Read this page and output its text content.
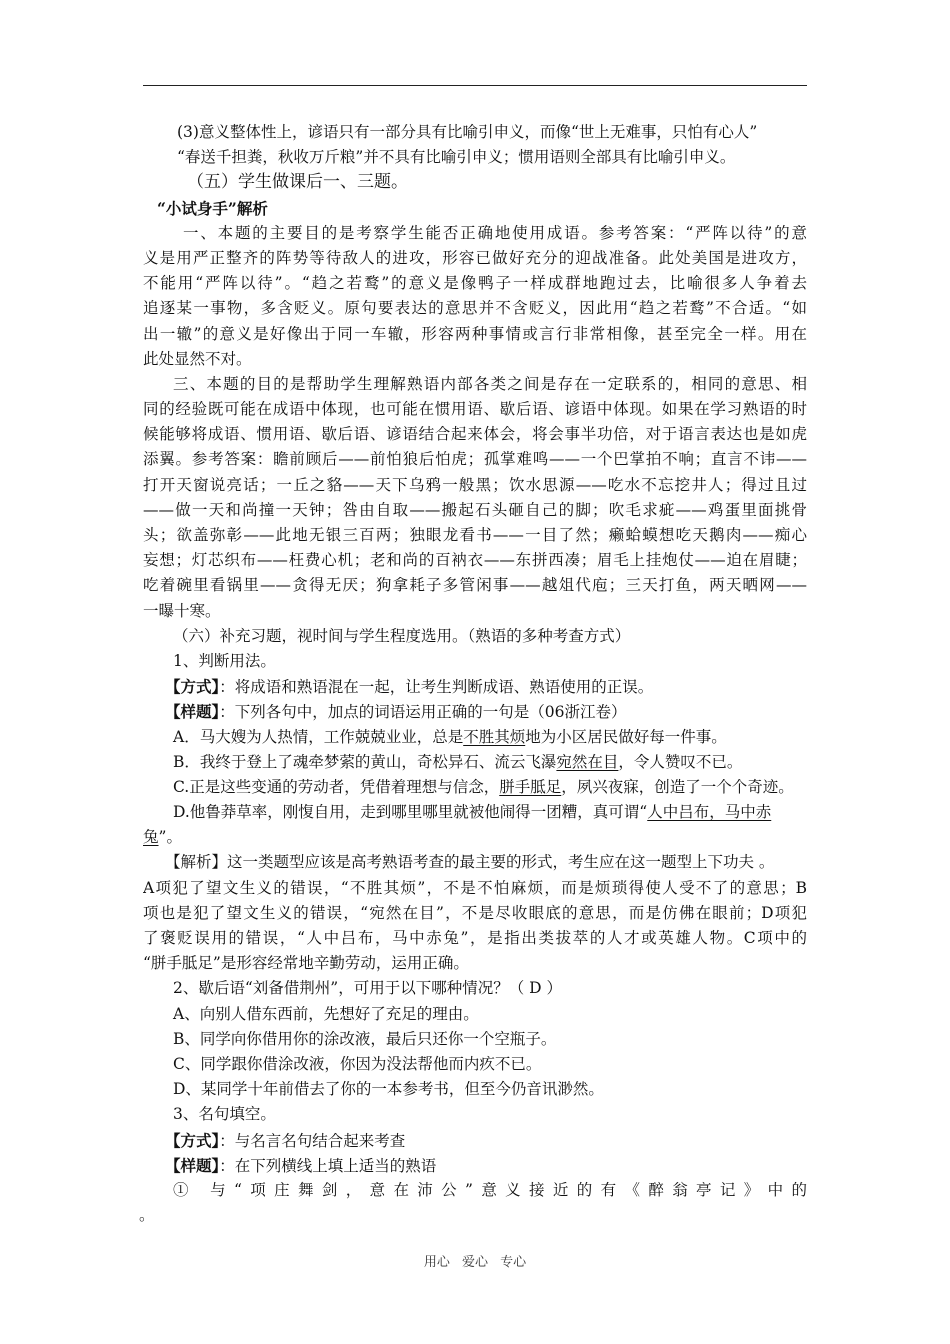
(3)意义整体性上，谚语只有一部分具有比喻引申义，而像“世上无难事，只怕有心人”
“春送千担粪，秋收万斤粮”并不具有比喻引申义；惯用语则全部具有比喻引申义。
（五）学生做课后一、三题。
“小试身手”解析
一、本题的主要目的是考察学生能否正确地使用成语。参考答案：“严阵以待”的意
义是用严正整齐的阵势等待敌人的进攻，形容已做好充分的迎战准备。此处美国是进攻方，
不能用“严阵以待”。“趋之若鹜”的意义是像鸭子一样成群地跑过去，比喻很多人争着去
追逐某一事物，多含贬义。原句要表达的意思并不含贬义，因此用“趋之若鹜”不合适。“如
出一辙”的意义是好像出于同一车辙，形容两种事情或言行非常相像，甚至完全一样。用在
此处显然不对。
三、本题的目的是帮助学生理解熟语内部各类之间是存在一定联系的，相同的意思、相
同的经验既可能在成语中体现，也可能在惯用语、歇后语、谚语中体现。如果在学习熟语的时
候能够将成语、惯用语、歇后语、谚语结合起来体会，将会事半功倍，对于语言表达也是如虎
添翼。参考答案：瞻前顾后——前怕狼后怕虎；孤掌难鸣——一个巴掌拍不响；直言不讳——
打开天窗说亮话；一丘之貉——天下乌鸦一般黑；饮水思源——吃水不忘挖井人；得过且过
——做一天和尚撞一天钟；咎由自取——搬起石头砸自己的脚；吹毛求疵——鸡蛋里面挑骨
头；欲盖弥彰——此地无银三百两；独眼龙看书——一目了然；癞蛤蟆想吃天鹅肉——痴心
妄想；灯芯织布——枉费心机；老和尚的百衲衣——东拼西凑；眉毛上挂炮仗——迫在眉睫；
吃着碗里看锅里——贪得无厌；狗拿耗子多管闲事——越俎代庖；三天打鱼，两天晒网——
一曝十寒。
（六）补充习题，视时间与学生程度选用。（熟语的多种考查方式）
1、判断用法。
【方式】：将成语和熟语混在一起，让考生判断成语、熟语使用的正误。
【样题】：下列各句中，加点的词语运用正确的一句是（06浙江卷）
A．马大嫂为人热情，工作兢兢业业，总是不胜其烦地为小区居民做好每一件事。
B．我终于登上了魂牵梦萦的黄山，奇松异石、流云飞瀑宛然在目，令人赞叹不已。
C.正是这些变通的劳动者，凭借着理想与信念，胼手胝足，夙兴夜寐，创造了一个个奇迹。
D.他鲁莽草率，刚愎自用，走到哪里哪里就被他闹得一团糟，真可谓“人中吕布，马中赤
兔”。
【解析】这一类题型应该是高考熟语考查的最主要的形式，考生应在这一题型上下功夫 。
A项犯了望文生义的错误，“不胜其烦”，不是不怕麻烦，而是烦琐得使人受不了的意思；B
项也是犯了望文生义的错误，“宛然在目”，不是尽收眼底的意思，而是仿佛在眼前；D项犯
了褒贬误用的错误，“人中吕布，马中赤兔”，是指出类拔萃的人才或英雄人物。C项中的
“胼手胝足”是形容经常地辛勤劳动，运用正确。
2、歇后语“刘备借荆州”，可用于以下哪种情况？（ D ）
A、向别人借东西前，先想好了充足的理由。
B、同学向你借用你的涂改液，最后只还你一个空瓶子。
C、同学跟你借涂改液，你因为没法帮他而内疚不已。
D、某同学十年前借去了你的一本参考书，但至今仍音讯渺然。
3、名句填空。
【方式】：与名言名句结合起来考查
【样题】：在下列横线上填上适当的熟语
① 与“项庄舞剑，意在沛公”意义接近的有《醉翁亭记》中的
。
用心 爱心 专心
